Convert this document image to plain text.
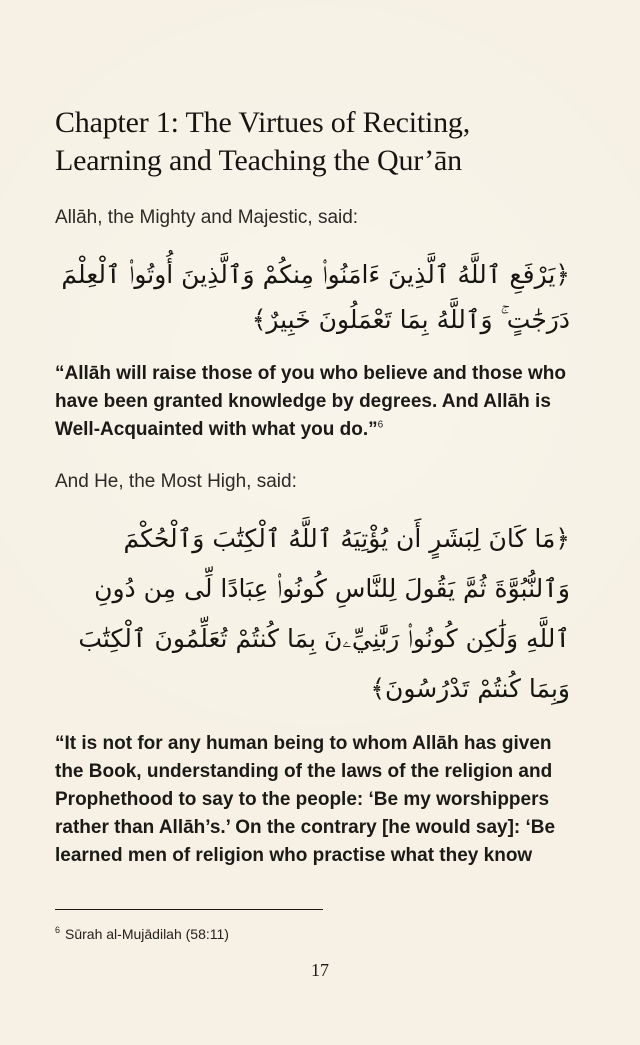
Chapter 1: The Virtues of Reciting, Learning and Teaching the Qur’ān

Allāh, the Mighty and Majestic, said:

﴿يَرْفَعِ ٱللَّهُ ٱلَّذِينَ ءَامَنُوا۟ مِنكُمْ وَٱلَّذِينَ أُوتُوا۟ ٱلْعِلْمَ دَرَجَٰتٍ ۚ وَٱللَّهُ بِمَا تَعْمَلُونَ خَبِيرٌ﴾

“Allāh will raise those of you who believe and those who have been granted knowledge by degrees. And Allāh is Well-Acquainted with what you do.”$^6$

And He, the Most High, said:

﴿مَا كَانَ لِبَشَرٍ أَن يُؤْتِيَهُ ٱللَّهُ ٱلْكِتَٰبَ وَٱلْحُكْمَ وَٱلنُّبُوَّةَ ثُمَّ يَقُولَ لِلنَّاسِ كُونُوا۟ عِبَادًا لِّى مِن دُونِ ٱللَّهِ وَلَٰكِن كُونُوا۟ رَبَّٰنِيِّۦنَ بِمَا كُنتُمْ تُعَلِّمُونَ ٱلْكِتَٰبَ وَبِمَا كُنتُمْ تَدْرُسُونَ﴾

“It is not for any human being to whom Allāh has given the Book, understanding of the laws of the religion and Prophethood to say to the people: ‘Be my worshippers rather than Allāh’s.’ On the contrary [he would say]: ‘Be learned men of religion who practise what they know

$^6$ Sūrah al-Mujādilah (58:11)

17
